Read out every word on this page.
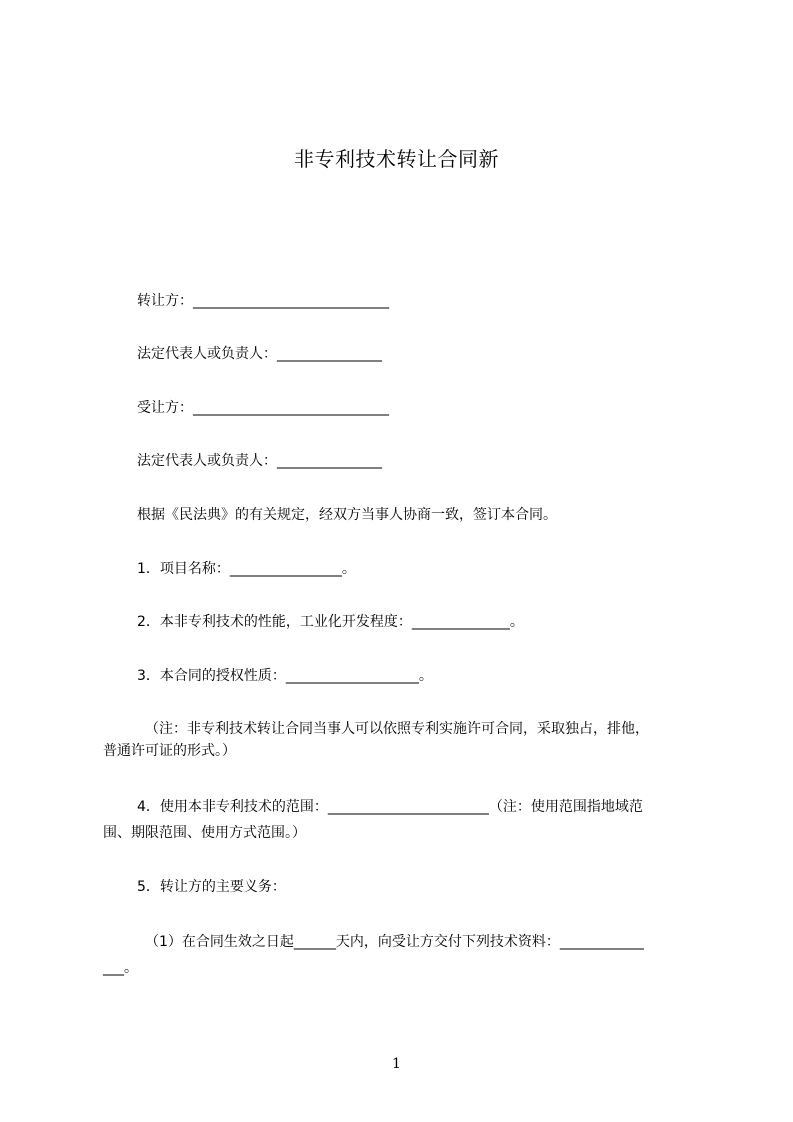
非专利技术转让合同新
转让方：____________________________
法定代表人或负责人：_______________
受让方：____________________________
法定代表人或负责人：_______________
根据《民法典》的有关规定，经双方当事人协商一致，签订本合同。
1．项目名称：________________。
2．本非专利技术的性能，工业化开发程度：______________。
3．本合同的授权性质：___________________。
（注：非专利技术转让合同当事人可以依照专利实施许可合同，采取独占，排他，
普通许可证的形式。）
4．使用本非专利技术的范围：_______________________（注：使用范围指地域范
围、期限范围、使用方式范围。）
5．转让方的主要义务：
（1）在合同生效之日起______天内，向受让方交付下列技术资料：____________
___。
1
